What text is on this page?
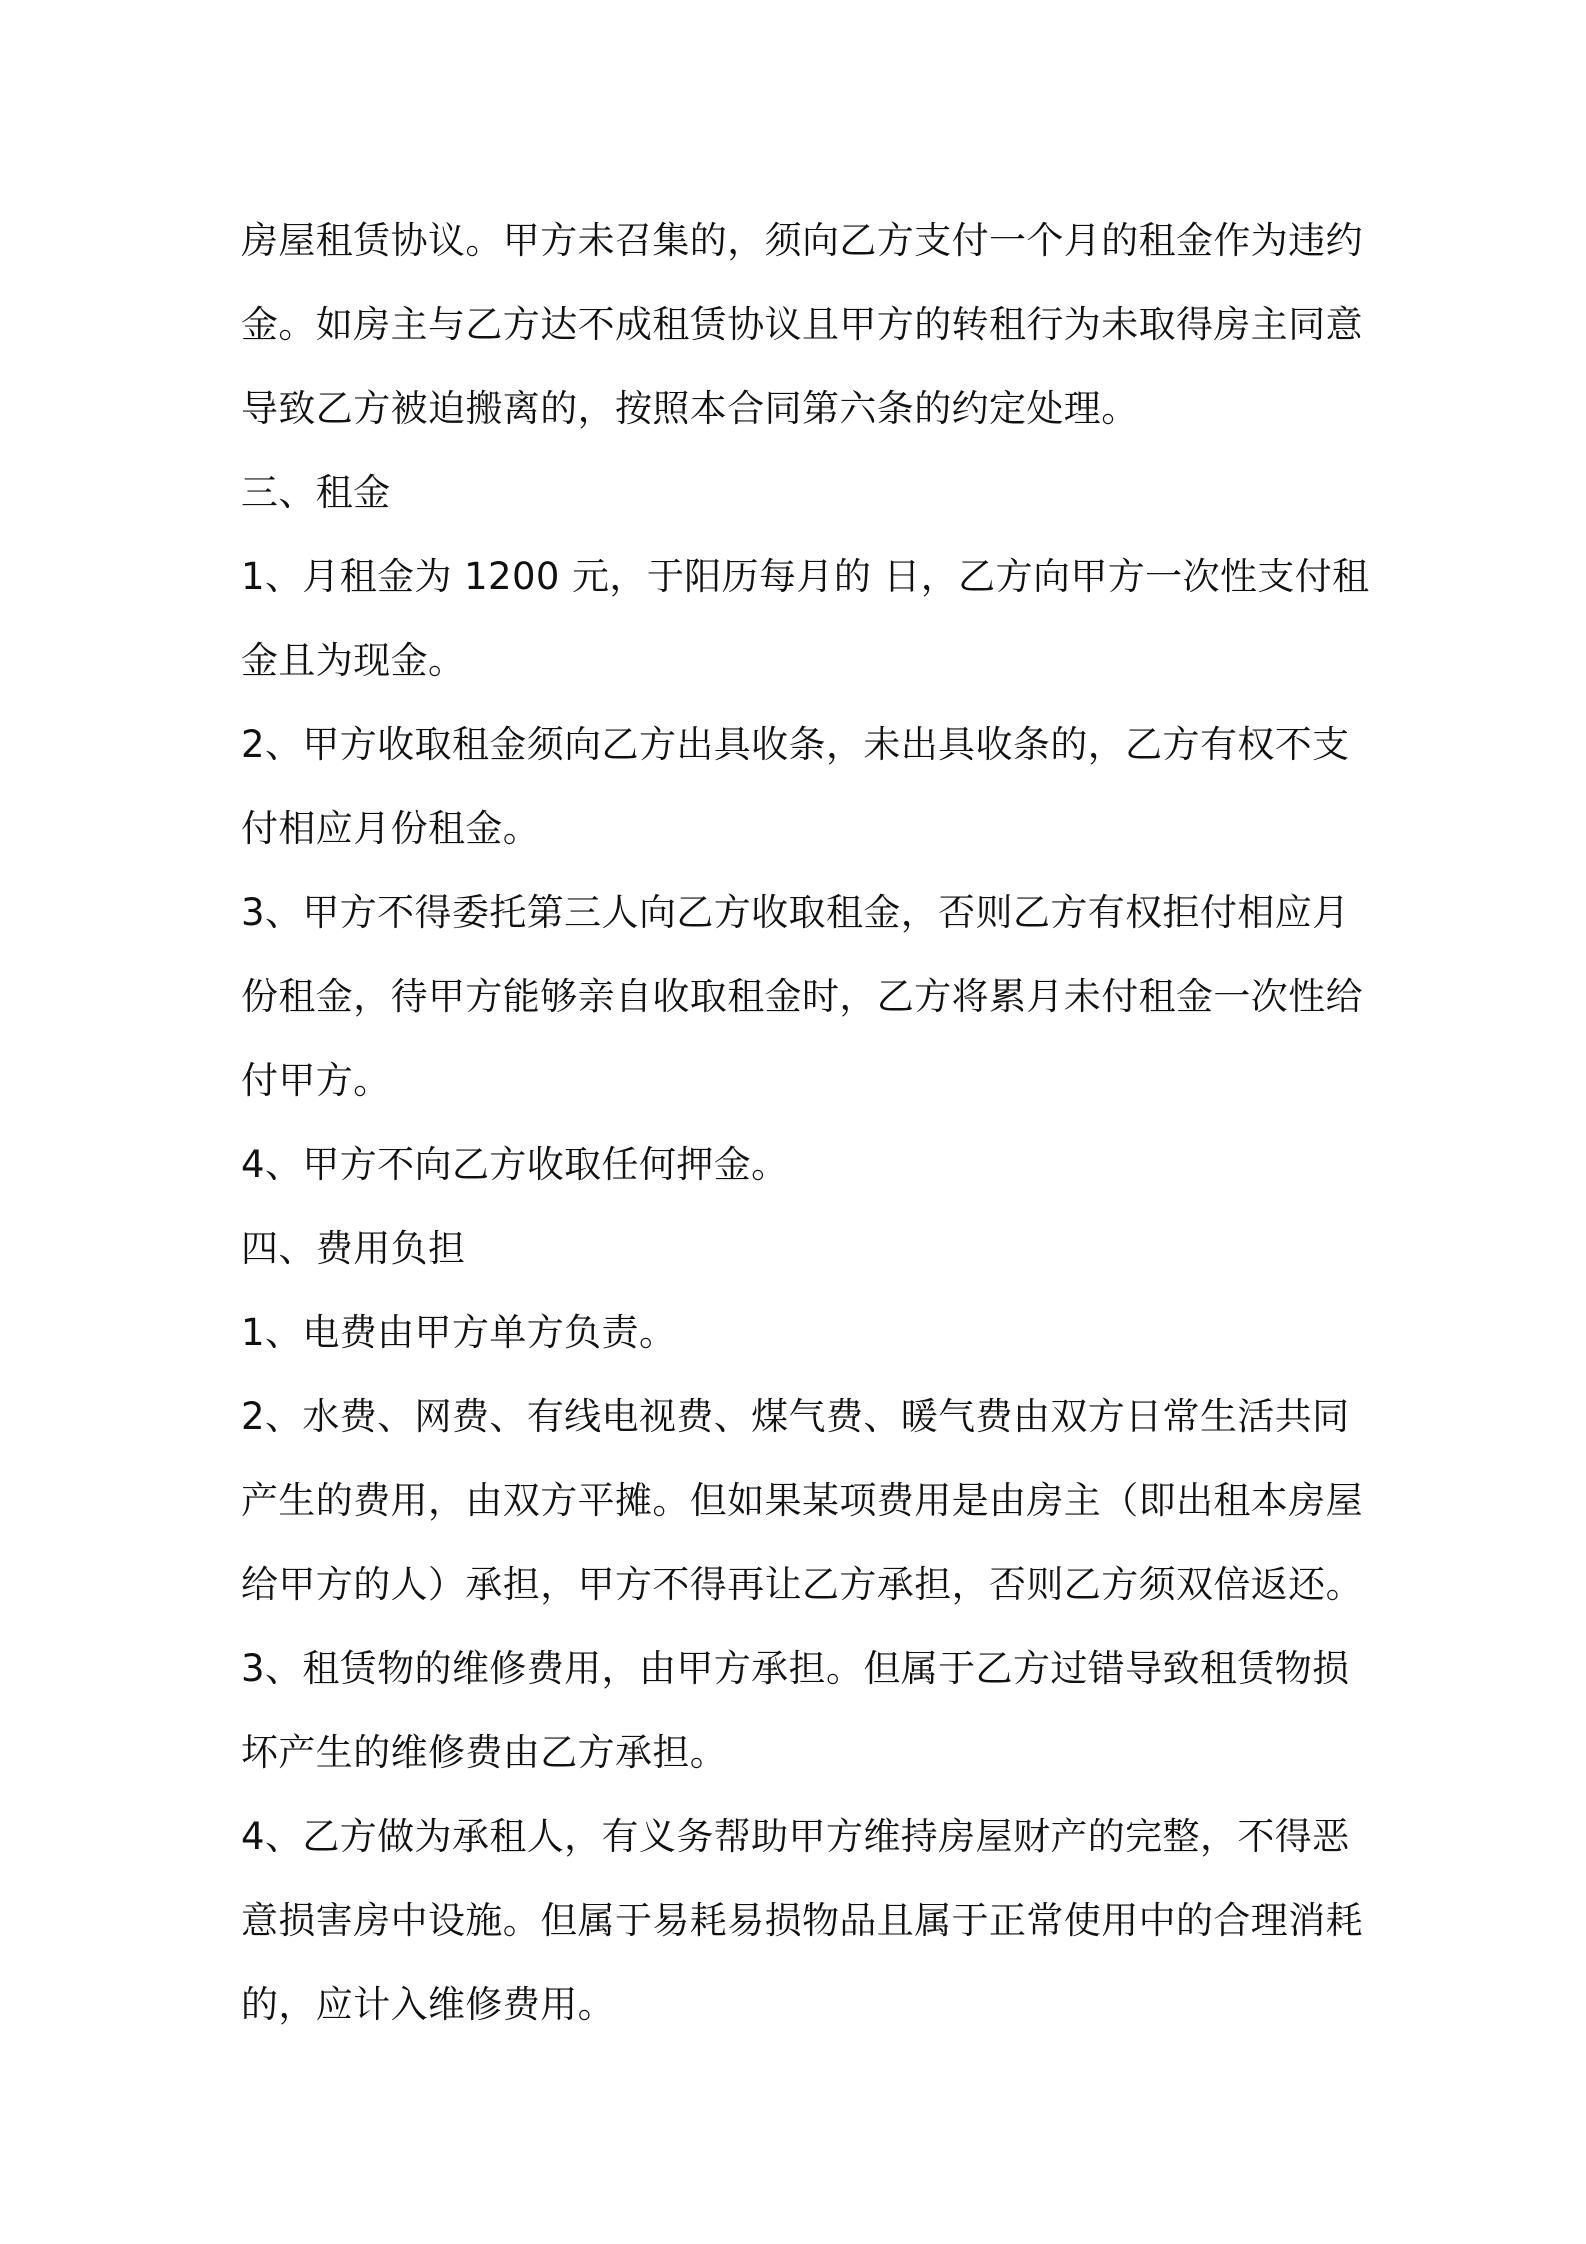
房屋租赁协议。甲方未召集的，须向乙方支付一个月的租金作为违约
金。如房主与乙方达不成租赁协议且甲方的转租行为未取得房主同意
导致乙方被迫搬离的，按照本合同第六条的约定处理。
三、租金
1、月租金为 1200 元，于阳历每月的 日，乙方向甲方一次性支付租
金且为现金。
2、甲方收取租金须向乙方出具收条，未出具收条的，乙方有权不支
付相应月份租金。
3、甲方不得委托第三人向乙方收取租金，否则乙方有权拒付相应月
份租金，待甲方能够亲自收取租金时，乙方将累月未付租金一次性给
付甲方。
4、甲方不向乙方收取任何押金。
四、费用负担
1、电费由甲方单方负责。
2、水费、网费、有线电视费、煤气费、暖气费由双方日常生活共同
产生的费用，由双方平摊。但如果某项费用是由房主（即出租本房屋
给甲方的人）承担，甲方不得再让乙方承担，否则乙方须双倍返还。
3、租赁物的维修费用，由甲方承担。但属于乙方过错导致租赁物损
坏产生的维修费由乙方承担。
4、乙方做为承租人，有义务帮助甲方维持房屋财产的完整，不得恶
意损害房中设施。但属于易耗易损物品且属于正常使用中的合理消耗
的，应计入维修费用。
